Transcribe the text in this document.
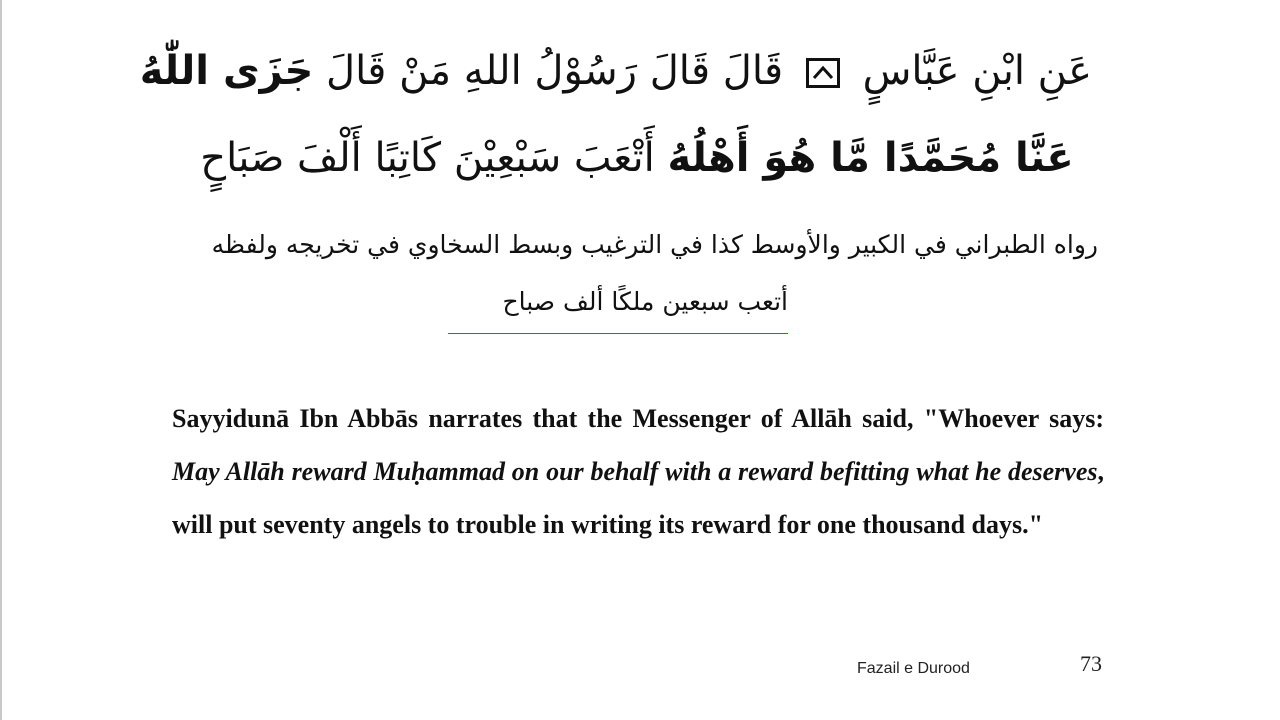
عَنِ ابْنِ عَبَّاسٍ
قَالَ قَالَ رَسُوْلُ اللهِ مَنْ قَالَ جَزَى اللّٰهُ
عَنَّا مُحَمَّدًا مَّا هُوَ أَهْلُهُ أَتْعَبَ سَبْعِيْنَ كَاتِبًا أَلْفَ صَبَاحٍ
رواه الطبراني في الكبير والأوسط كذا في الترغيب وبسط السخاوي في تخريجه ولفظه
أتعب سبعين ملكًا ألف صباح
Sayyidunā Ibn Abbās narrates that the Messenger of Allāh said, "Whoever says: May Allāh reward Muḥammad on our behalf with a reward befitting what he deserves, will put seventy angels to trouble in writing its reward for one thousand days."
Fazail e Durood	73
